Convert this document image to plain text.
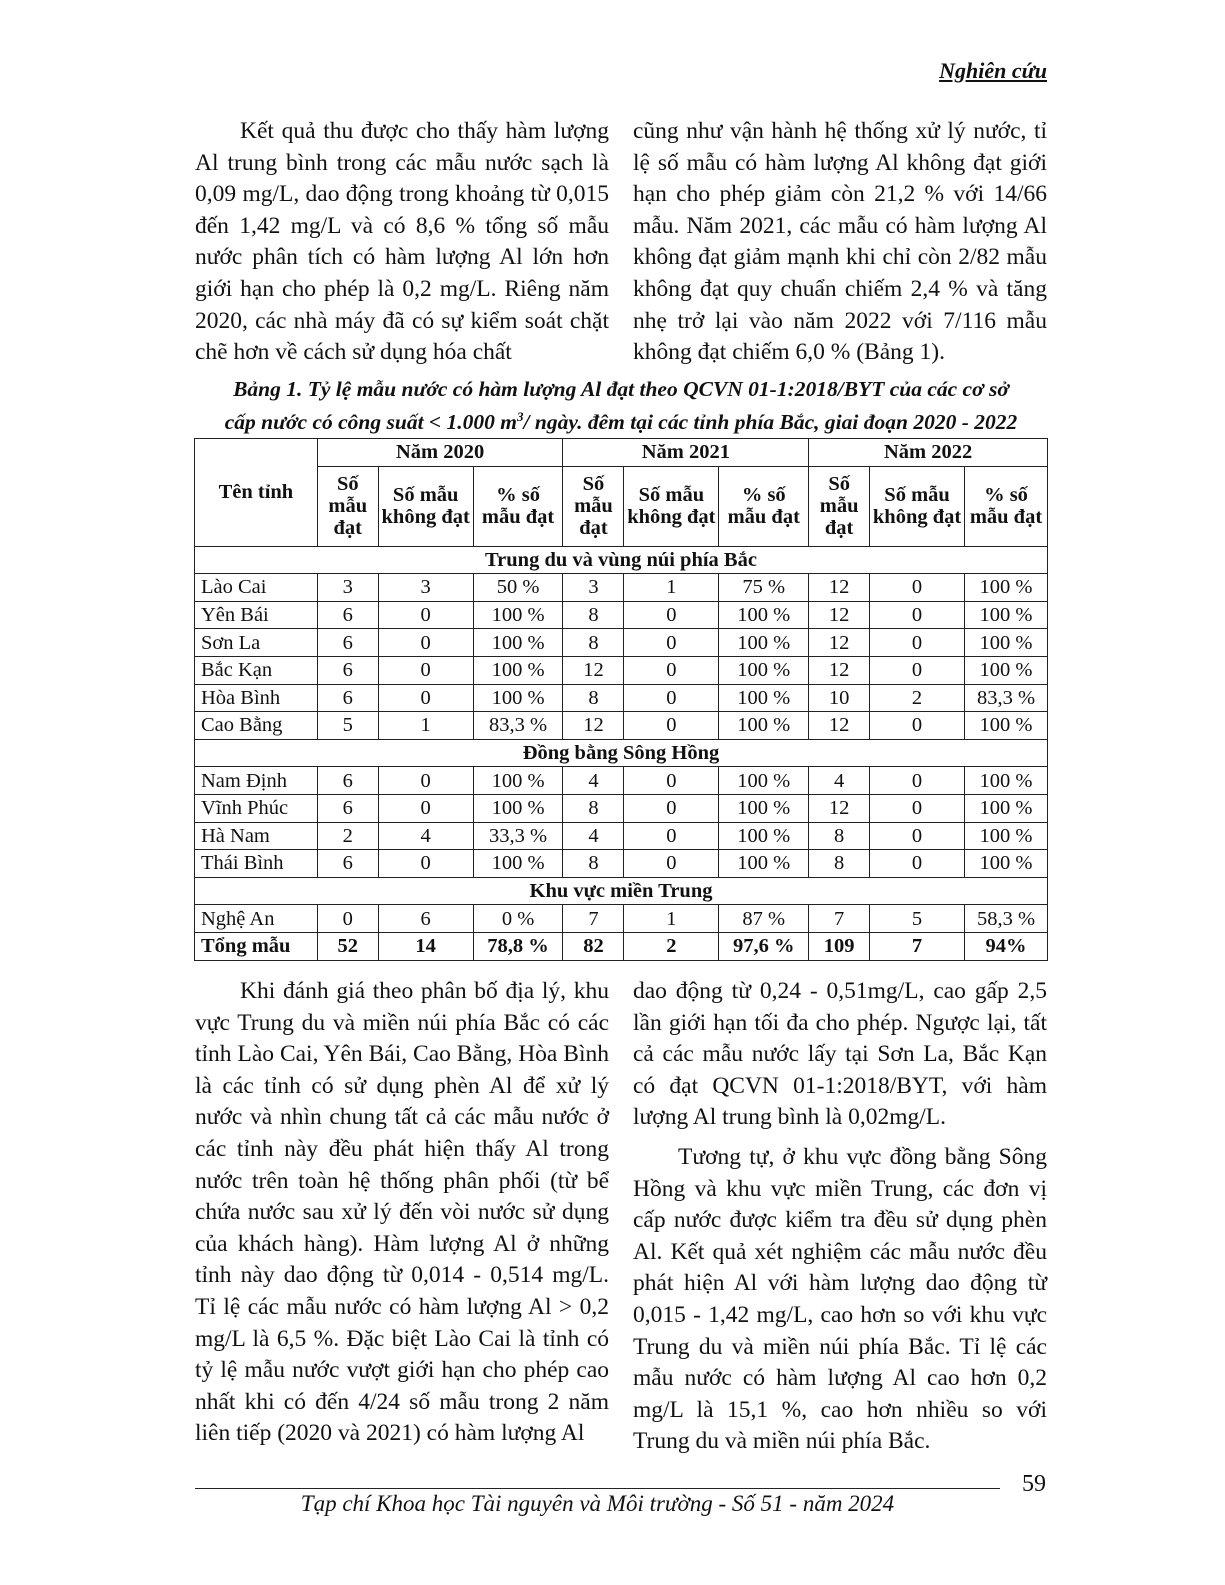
Nghiên cứu

Kết quả thu được cho thấy hàm lượng Al trung bình trong các mẫu nước sạch là 0,09 mg/L, dao động trong khoảng từ 0,015 đến 1,42 mg/L và có 8,6 % tổng số mẫu nước phân tích có hàm lượng Al lớn hơn giới hạn cho phép là 0,2 mg/L. Riêng năm 2020, các nhà máy đã có sự kiểm soát chặt chẽ hơn về cách sử dụng hóa chất

cũng như vận hành hệ thống xử lý nước, tỉ lệ số mẫu có hàm lượng Al không đạt giới hạn cho phép giảm còn 21,2 % với 14/66 mẫu. Năm 2021, các mẫu có hàm lượng Al không đạt giảm mạnh khi chỉ còn 2/82 mẫu không đạt quy chuẩn chiếm 2,4 % và tăng nhẹ trở lại vào năm 2022 với 7/116 mẫu không đạt chiếm 6,0 % (Bảng 1).

Bảng 1. Tỷ lệ mẫu nước có hàm lượng Al đạt theo QCVN 01-1:2018/BYT của các cơ sở
cấp nước có công suất < 1.000 $m^3/$ ngày. đêm tại các tỉnh phía Bắc, giai đoạn 2020 - 2022
Tên tỉnh	Năm 2020			Năm 2021			Năm 2022		
	Số mẫu đạt	Số mẫu không đạt	% số mẫu đạt	Số mẫu đạt	Số mẫu không đạt	% số mẫu đạt	Số mẫu đạt	Số mẫu không đạt	% số mẫu đạt
Trung du và vùng núi phía Bắc									
Lào Cai	3	3	50 %	3	1	75 %	12	0	100 %
Yên Bái	6	0	100 %	8	0	100 %	12	0	100 %
Sơn La	6	0	100 %	8	0	100 %	12	0	100 %
Bắc Kạn	6	0	100 %	12	0	100 %	12	0	100 %
Hòa Bình	6	0	100 %	8	0	100 %	10	2	83,3 %
Cao Bằng	5	1	83,3 %	12	0	100 %	12	0	100 %
Đồng bằng Sông Hồng									
Nam Định	6	0	100 %	4	0	100 %	4	0	100 %
Vĩnh Phúc	6	0	100 %	8	0	100 %	12	0	100 %
Hà Nam	2	4	33,3 %	4	0	100 %	8	0	100 %
Thái Bình	6	0	100 %	8	0	100 %	8	0	100 %
Khu vực miền Trung									
Nghệ An	0	6	0 %	7	1	87 %	7	5	58,3 %
Tổng mẫu	52	14	78,8 %	82	2	97,6 %	109	7	94%

Khi đánh giá theo phân bố địa lý, khu vực Trung du và miền núi phía Bắc có các tỉnh Lào Cai, Yên Bái, Cao Bằng, Hòa Bình là các tỉnh có sử dụng phèn Al để xử lý nước và nhìn chung tất cả các mẫu nước ở các tỉnh này đều phát hiện thấy Al trong nước trên toàn hệ thống phân phối (từ bể chứa nước sau xử lý đến vòi nước sử dụng của khách hàng). Hàm lượng Al ở những tỉnh này dao động từ 0,014 - 0,514 mg/L. Tỉ lệ các mẫu nước có hàm lượng Al > 0,2 mg/L là 6,5 %. Đặc biệt Lào Cai là tỉnh có tỷ lệ mẫu nước vượt giới hạn cho phép cao nhất khi có đến 4/24 số mẫu trong 2 năm liên tiếp (2020 và 2021) có hàm lượng Al

dao động từ 0,24 - 0,51mg/L, cao gấp 2,5 lần giới hạn tối đa cho phép. Ngược lại, tất cả các mẫu nước lấy tại Sơn La, Bắc Kạn có đạt QCVN 01-1:2018/BYT, với hàm lượng Al trung bình là 0,02mg/L.

Tương tự, ở khu vực đồng bằng Sông Hồng và khu vực miền Trung, các đơn vị cấp nước được kiểm tra đều sử dụng phèn Al. Kết quả xét nghiệm các mẫu nước đều phát hiện Al với hàm lượng dao động từ 0,015 - 1,42 mg/L, cao hơn so với khu vực Trung du và miền núi phía Bắc. Tỉ lệ các mẫu nước có hàm lượng Al cao hơn 0,2 mg/L là 15,1 %, cao hơn nhiều so với Trung du và miền núi phía Bắc.

59
Tạp chí Khoa học Tài nguyên và Môi trường - Số 51 - năm 2024
